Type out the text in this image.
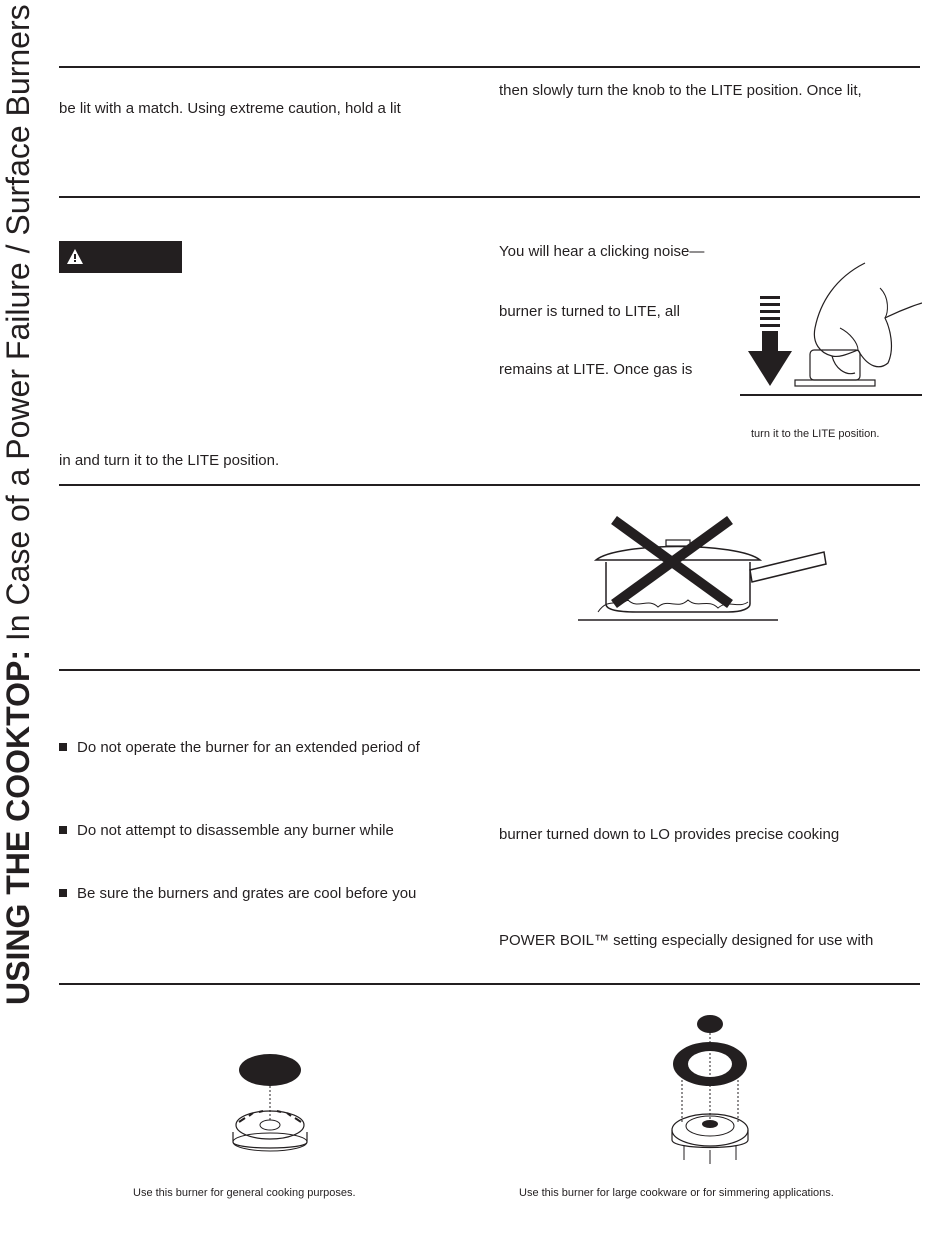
USING THE COOKTOP: In Case of a Power Failure / Surface Burners be lit with a match. Using extreme caution, hold a lit
then slowly turn the knob to the LITE position. Once lit,
You will hear a clicking noise—
burner is turned to LITE, all
remains at LITE. Once gas is
turn it to the LITE position.
in and turn it to the LITE position.
Do not operate the burner for an extended period of
Do not attempt to disassemble any burner while
Be sure the burners and grates are cool before you
burner turned down to LO provides precise cooking
POWER BOIL™ setting especially designed for use with
Use this burner for general cooking purposes.	Use this burner for large cookware or for simmering applications.
